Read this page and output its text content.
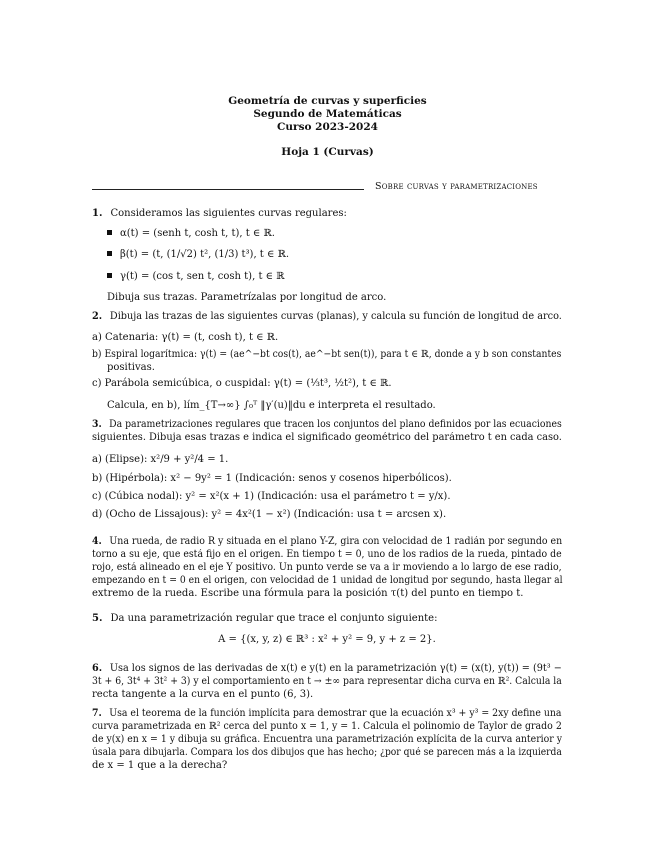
Geometría de curvas y superficies
Segundo de Matemáticas
Curso 2023-2024
Hoja 1 (Curvas)
Sobre curvas y parametrizaciones
1. Consideramos las siguientes curvas regulares:
α(t) = (senh t, cosh t, t), t ∈ ℝ.
β(t) = (t, (1/√2) t², (1/3) t³), t ∈ ℝ.
γ(t) = (cos t, sen t, cosh t), t ∈ ℝ
Dibuja sus trazas. Parametrízalas por longitud de arco.
2. Dibuja las trazas de las siguientes curvas (planas), y calcula su función de longitud de arco.
a) Catenaria: γ(t) = (t, cosh t), t ∈ ℝ.
b) Espiral logarítmica: γ(t) = (ae^−bt cos(t), ae^−bt sen(t)), para t ∈ ℝ, donde a y b son constantes
positivas.
c) Parábola semicúbica, o cuspidal: γ(t) = (⅓t³, ½t²), t ∈ ℝ.
Calcula, en b), lím_{T→∞} ∫₀ᵀ ‖γ′(u)‖du e interpreta el resultado.
3. Da parametrizaciones regulares que tracen los conjuntos del plano definidos por las ecuaciones
siguientes. Dibuja esas trazas e indica el significado geométrico del parámetro t en cada caso.
a) (Elipse): x²/9 + y²/4 = 1.
b) (Hipérbola): x² − 9y² = 1 (Indicación: senos y cosenos hiperbólicos).
c) (Cúbica nodal): y² = x²(x + 1) (Indicación: usa el parámetro t = y/x).
d) (Ocho de Lissajous): y² = 4x²(1 − x²) (Indicación: usa t = arcsen x).
4. Una rueda, de radio R y situada en el plano Y-Z, gira con velocidad de 1 radián por segundo en
torno a su eje, que está fijo en el origen. En tiempo t = 0, uno de los radios de la rueda, pintado de
rojo, está alineado en el eje Y positivo. Un punto verde se va a ir moviendo a lo largo de ese radio,
empezando en t = 0 en el origen, con velocidad de 1 unidad de longitud por segundo, hasta llegar al
extremo de la rueda. Escribe una fórmula para la posición τ(t) del punto en tiempo t.
5. Da una parametrización regular que trace el conjunto siguiente:
A = {(x, y, z) ∈ ℝ³ : x² + y² = 9, y + z = 2}.
6. Usa los signos de las derivadas de x(t) e y(t) en la parametrización γ(t) = (x(t), y(t)) = (9t³ −
3t + 6, 3t⁴ + 3t² + 3) y el comportamiento en t → ±∞ para representar dicha curva en ℝ². Calcula la
recta tangente a la curva en el punto (6, 3).
7. Usa el teorema de la función implícita para demostrar que la ecuación x³ + y³ = 2xy define una
curva parametrizada en ℝ² cerca del punto x = 1, y = 1. Calcula el polinomio de Taylor de grado 2
de y(x) en x = 1 y dibuja su gráfica. Encuentra una parametrización explícita de la curva anterior y
úsala para dibujarla. Compara los dos dibujos que has hecho; ¿por qué se parecen más a la izquierda
de x = 1 que a la derecha?
